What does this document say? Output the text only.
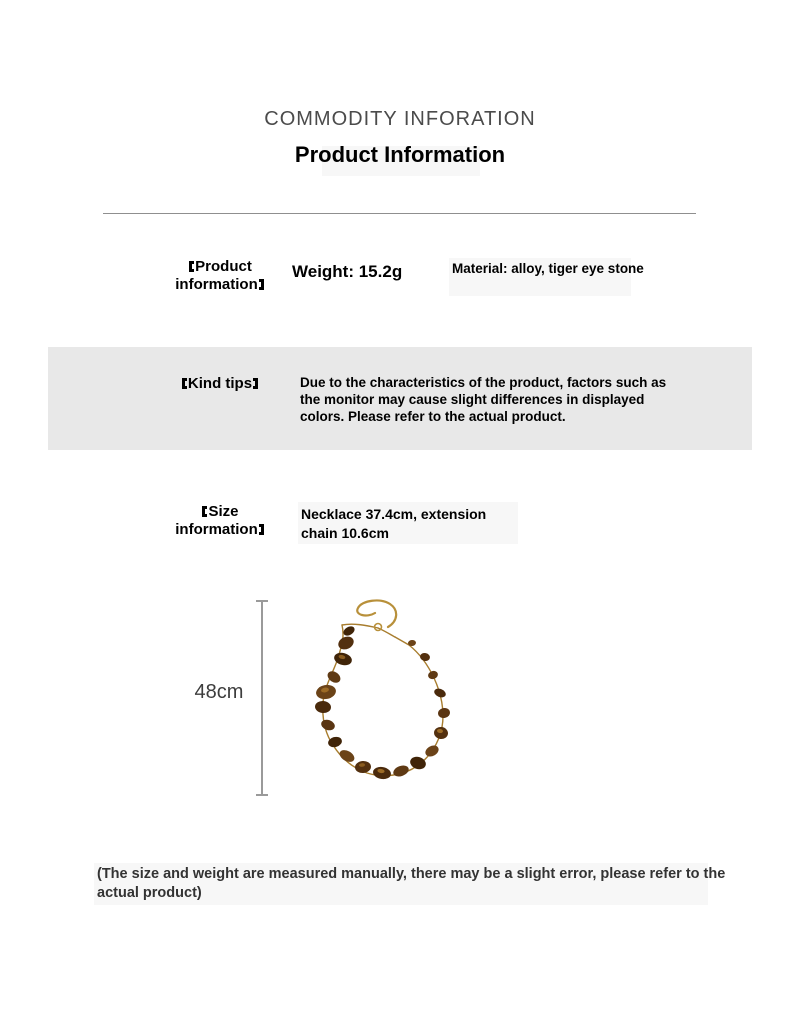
COMMODITY INFORATION
Product Information
Product information
Weight: 15.2g	Material: alloy, tiger eye stone
Kind tips	Due to the characteristics of the product, factors such as the monitor may cause slight differences in displayed colors. Please refer to the actual product.
Size information
Necklace 37.4cm, extension chain 10.6cm
48cm
(The size and weight are measured manually, there may be a slight error, please refer to the actual product)
